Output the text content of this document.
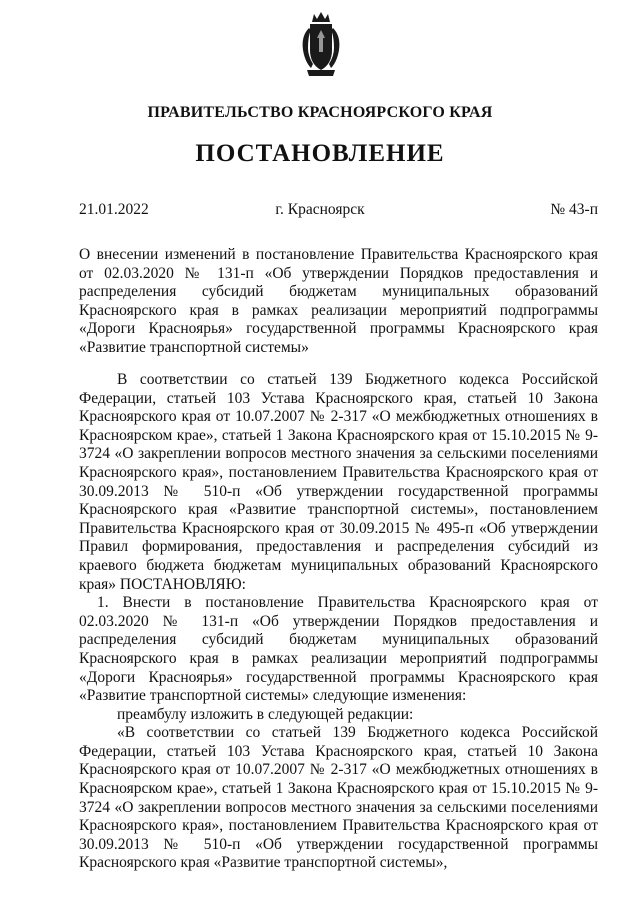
ПРАВИТЕЛЬСТВО КРАСНОЯРСКОГО КРАЯ
ПОСТАНОВЛЕНИЕ
21.01.2022	г. Красноярск	№ 43-п
О внесении изменений в постановление Правительства Красноярского края от 02.03.2020 № 131-п «Об утверждении Порядков предоставления и распределения субсидий бюджетам муниципальных образований Красноярского края в рамках реализации мероприятий подпрограммы «Дороги Красноярья» государственной программы Красноярского края «Развитие транспортной системы»

В соответствии со статьей 139 Бюджетного кодекса Российской Федерации, статьей 103 Устава Красноярского края, статьей 10 Закона Красноярского края от 10.07.2007 № 2-317 «О межбюджетных отношениях в Красноярском крае», статьей 1 Закона Красноярского края от 15.10.2015 № 9-3724 «О закреплении вопросов местного значения за сельскими поселениями Красноярского края», постановлением Правительства Красноярского края от 30.09.2013 № 510-п «Об утверждении государственной программы Красноярского края «Развитие транспортной системы», постановлением Правительства Красноярского края от 30.09.2015 № 495-п «Об утверждении Правил формирования, предоставления и распределения субсидий из краевого бюджета бюджетам муниципальных образований Красноярского края» ПОСТАНОВЛЯЮ:

1. Внести в постановление Правительства Красноярского края от 02.03.2020 № 131-п «Об утверждении Порядков предоставления и распределения субсидий бюджетам муниципальных образований Красноярского края в рамках реализации мероприятий подпрограммы «Дороги Красноярья» государственной программы Красноярского края «Развитие транспортной системы» следующие изменения:

преамбулу изложить в следующей редакции:

«В соответствии со статьей 139 Бюджетного кодекса Российской Федерации, статьей 103 Устава Красноярского края, статьей 10 Закона Красноярского края от 10.07.2007 № 2-317 «О межбюджетных отношениях в Красноярском крае», статьей 1 Закона Красноярского края от 15.10.2015 № 9-3724 «О закреплении вопросов местного значения за сельскими поселениями Красноярского края», постановлением Правительства Красноярского края от 30.09.2013 № 510-п «Об утверждении государственной программы Красноярского края «Развитие транспортной системы»,
